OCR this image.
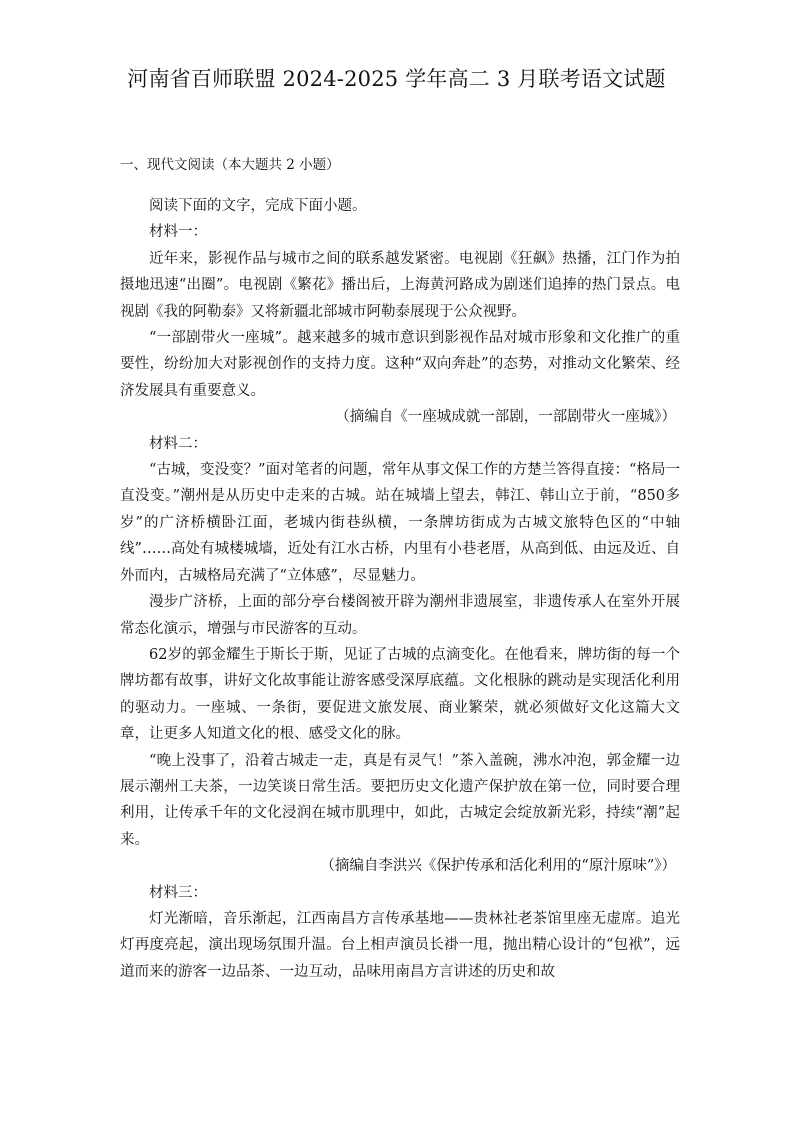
河南省百师联盟 2024-2025 学年高二 3 月联考语文试题
一、现代文阅读（本大题共 2 小题）

阅读下面的文字，完成下面小题。

材料一：

近年来，影视作品与城市之间的联系越发紧密。电视剧《狂飙》热播，江门作为拍摄地迅速“出圈”。电视剧《繁花》播出后，上海黄河路成为剧迷们追捧的热门景点。电视剧《我的阿勒泰》又将新疆北部城市阿勒泰展现于公众视野。

“一部剧带火一座城”。越来越多的城市意识到影视作品对城市形象和文化推广的重要性，纷纷加大对影视创作的支持力度。这种“双向奔赴”的态势，对推动文化繁荣、经济发展具有重要意义。

（摘编自《一座城成就一部剧，一部剧带火一座城》）

材料二：

“古城，变没变？”面对笔者的问题，常年从事文保工作的方楚兰答得直接：“格局一直没变。”潮州是从历史中走来的古城。站在城墙上望去，韩江、韩山立于前，“850多岁”的广济桥横卧江面，老城内街巷纵横，一条牌坊街成为古城文旅特色区的“中轴线”……高处有城楼城墙，近处有江水古桥，内里有小巷老厝，从高到低、由远及近、自外而内，古城格局充满了“立体感”，尽显魅力。

漫步广济桥，上面的部分亭台楼阁被开辟为潮州非遗展室，非遗传承人在室外开展常态化演示，增强与市民游客的互动。

62岁的郭金耀生于斯长于斯，见证了古城的点滴变化。在他看来，牌坊街的每一个牌坊都有故事，讲好文化故事能让游客感受深厚底蕴。文化根脉的跳动是实现活化利用的驱动力。一座城、一条街，要促进文旅发展、商业繁荣，就必须做好文化这篇大文章，让更多人知道文化的根、感受文化的脉。

“晚上没事了，沿着古城走一走，真是有灵气！”茶入盖碗，沸水冲泡，郭金耀一边展示潮州工夫茶，一边笑谈日常生活。要把历史文化遗产保护放在第一位，同时要合理利用，让传承千年的文化浸润在城市肌理中，如此，古城定会绽放新光彩，持续“潮”起来。

（摘编自李洪兴《保护传承和活化利用的“原汁原味”》）

材料三：

灯光渐暗，音乐渐起，江西南昌方言传承基地——贵林社老茶馆里座无虚席。追光灯再度亮起，演出现场氛围升温。台上相声演员长褂一甩，抛出精心设计的“包袱”，远道而来的游客一边品茶、一边互动，品味用南昌方言讲述的历史和故
